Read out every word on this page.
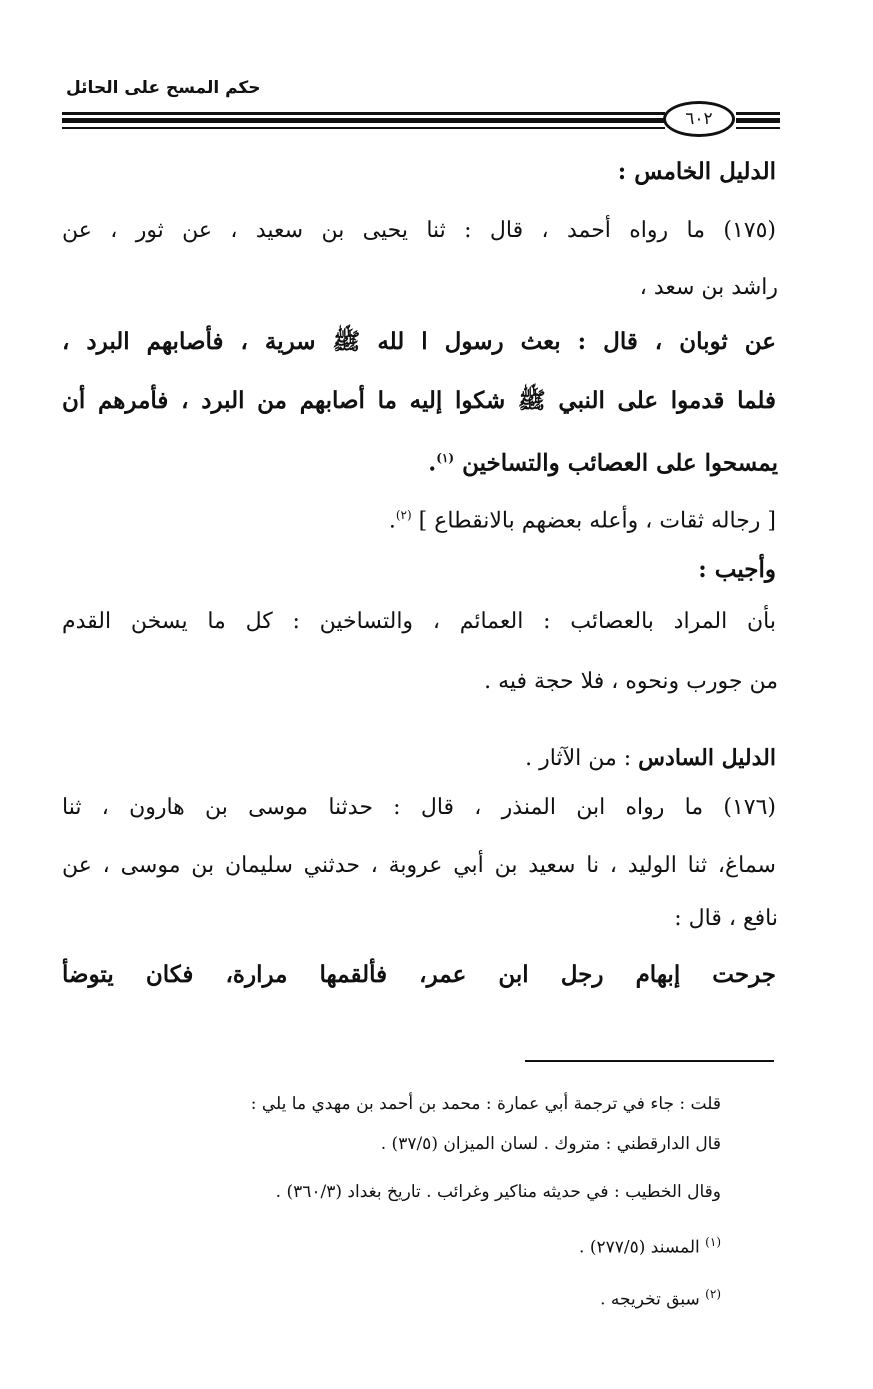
حكم المسح على الحائل
٦٠٢
الدليل الخامس :
(١٧٥) ما رواه أحمد ، قال : ثنا يحيى بن سعيد ، عن ثور ، عن
راشد بن سعد ،
عن ثوبان ، قال : بعث رسول ا لله ﷺ سرية ، فأصابهم البرد ،
فلما قدموا على النبي ﷺ شكوا إليه ما أصابهم من البرد ، فأمرهم أن
يمسحوا على العصائب والتساخين $^{(١)}$.
[ رجاله ثقات ، وأعله بعضهم بالانقطاع ] $^{(٢)}$.
وأجيب :
بأن المراد بالعصائب : العمائم ، والتساخين : كل ما يسخن القدم
من جورب ونحوه ، فلا حجة فيه .
الدليل السادس : من الآثار .
(١٧٦) ما رواه ابن المنذر ، قال : حدثنا موسى بن هارون ، ثنا
سماغ، ثنا الوليد ، نا سعيد بن أبي عروبة ، حدثني سليمان بن موسى ، عن
نافع ، قال :
جرحت إبهام رجل ابن عمر، فألقمها مرارة، فكان يتوضأ
قلت : جاء في ترجمة أبي عمارة : محمد بن أحمد بن مهدي ما يلي :
قال الدارقطني : متروك . لسان الميزان (٣٧/٥) .
وقال الخطيب : في حديثه مناكير وغرائب . تاريخ بغداد (٣٦٠/٣) .
$^{(١)}$ المسند (٢٧٧/٥) .
$^{(٢)}$ سبق تخريجه .
